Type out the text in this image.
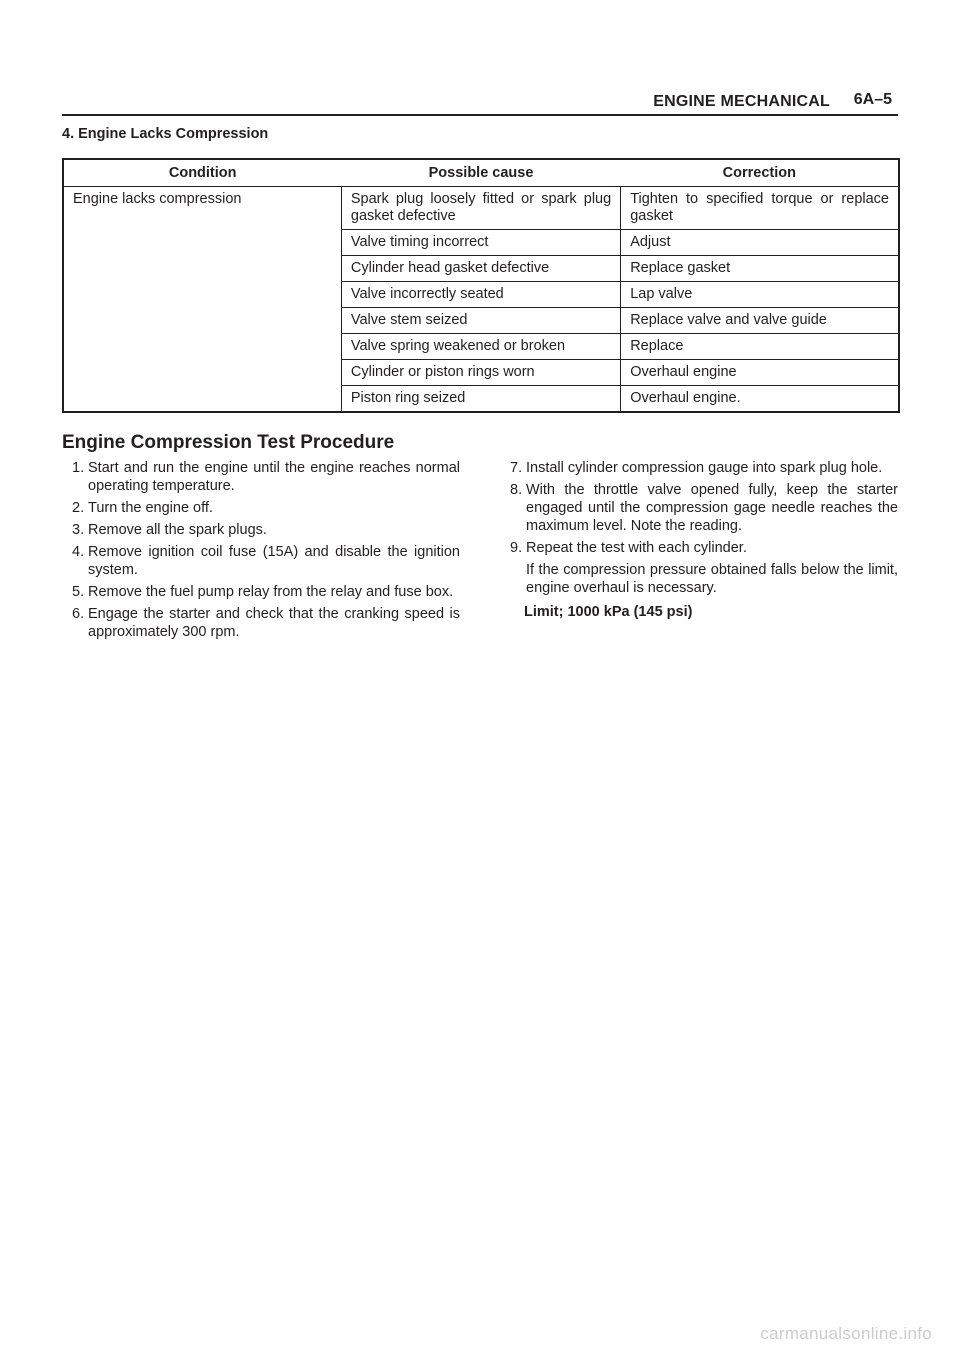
ENGINE MECHANICAL 6A–5
4. Engine Lacks Compression
Condition	Possible cause	Correction
Engine lacks compression	Spark plug loosely fitted or spark plug gasket defective	Tighten to specified torque or replace gasket
	Valve timing incorrect	Adjust
	Cylinder head gasket defective	Replace gasket
	Valve incorrectly seated	Lap valve
	Valve stem seized	Replace valve and valve guide
	Valve spring weakened or broken	Replace
	Cylinder or piston rings worn	Overhaul engine
	Piston ring seized	Overhaul engine.
Engine Compression Test Procedure
1. Start and run the engine until the engine reaches normal operating temperature.
2. Turn the engine off.
3. Remove all the spark plugs.
4. Remove ignition coil fuse (15A) and disable the ignition system.
5. Remove the fuel pump relay from the relay and fuse box.
6. Engage the starter and check that the cranking speed is approximately 300 rpm.
7. Install cylinder compression gauge into spark plug hole.
8. With the throttle valve opened fully, keep the starter engaged until the compression gage needle reaches the maximum level. Note the reading.
9. Repeat the test with each cylinder.
If the compression pressure obtained falls below the limit, engine overhaul is necessary.
Limit; 1000 kPa (145 psi)
carmanualsonline.info
